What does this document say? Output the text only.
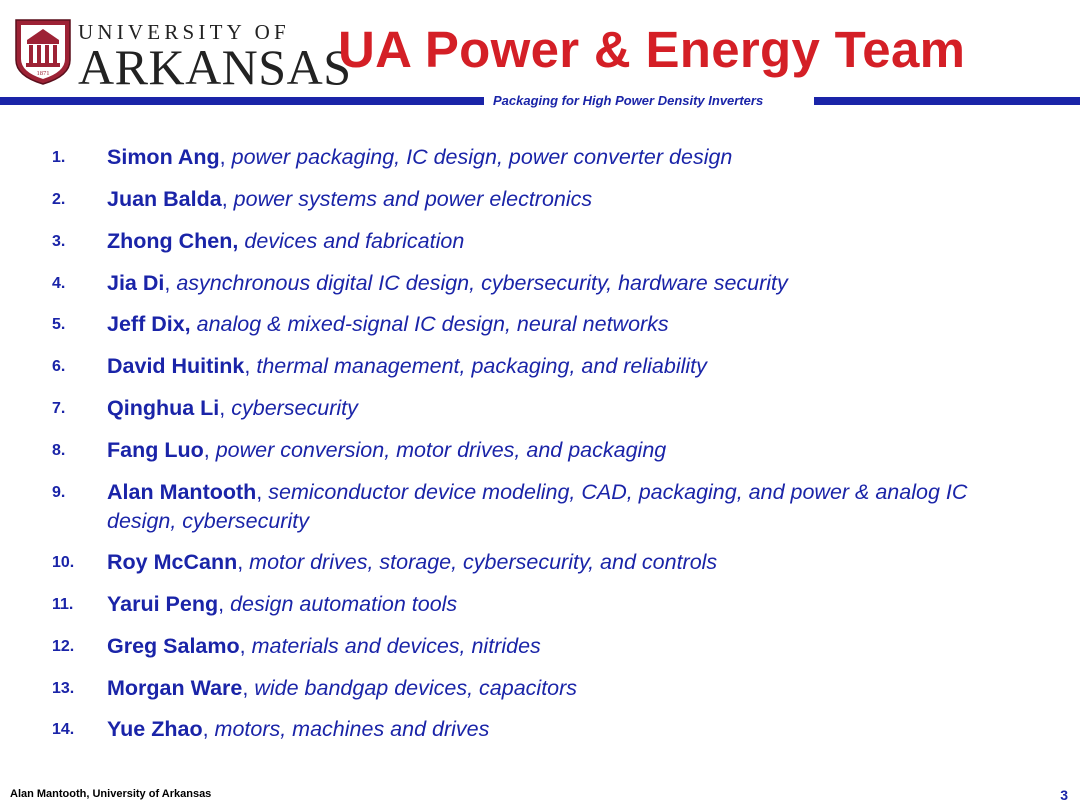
1871
UNIVERSITY OF
ARKANSAS
UA Power & Energy Team
Packaging for High Power Density Inverters
1. Simon Ang, power packaging, IC design, power converter design
2. Juan Balda, power systems and power electronics
3. Zhong Chen, devices and fabrication
4. Jia Di, asynchronous digital IC design, cybersecurity, hardware security
5. Jeff Dix, analog & mixed-signal IC design, neural networks
6. David Huitink, thermal management, packaging, and reliability
7. Qinghua Li, cybersecurity
8. Fang Luo, power conversion, motor drives, and packaging
9. Alan Mantooth, semiconductor device modeling, CAD, packaging, and power & analog IC design, cybersecurity
10. Roy McCann, motor drives, storage, cybersecurity, and controls
11. Yarui Peng, design automation tools
12. Greg Salamo, materials and devices, nitrides
13. Morgan Ware, wide bandgap devices, capacitors
14. Yue Zhao, motors, machines and drives
Alan Mantooth, University of Arkansas	3
